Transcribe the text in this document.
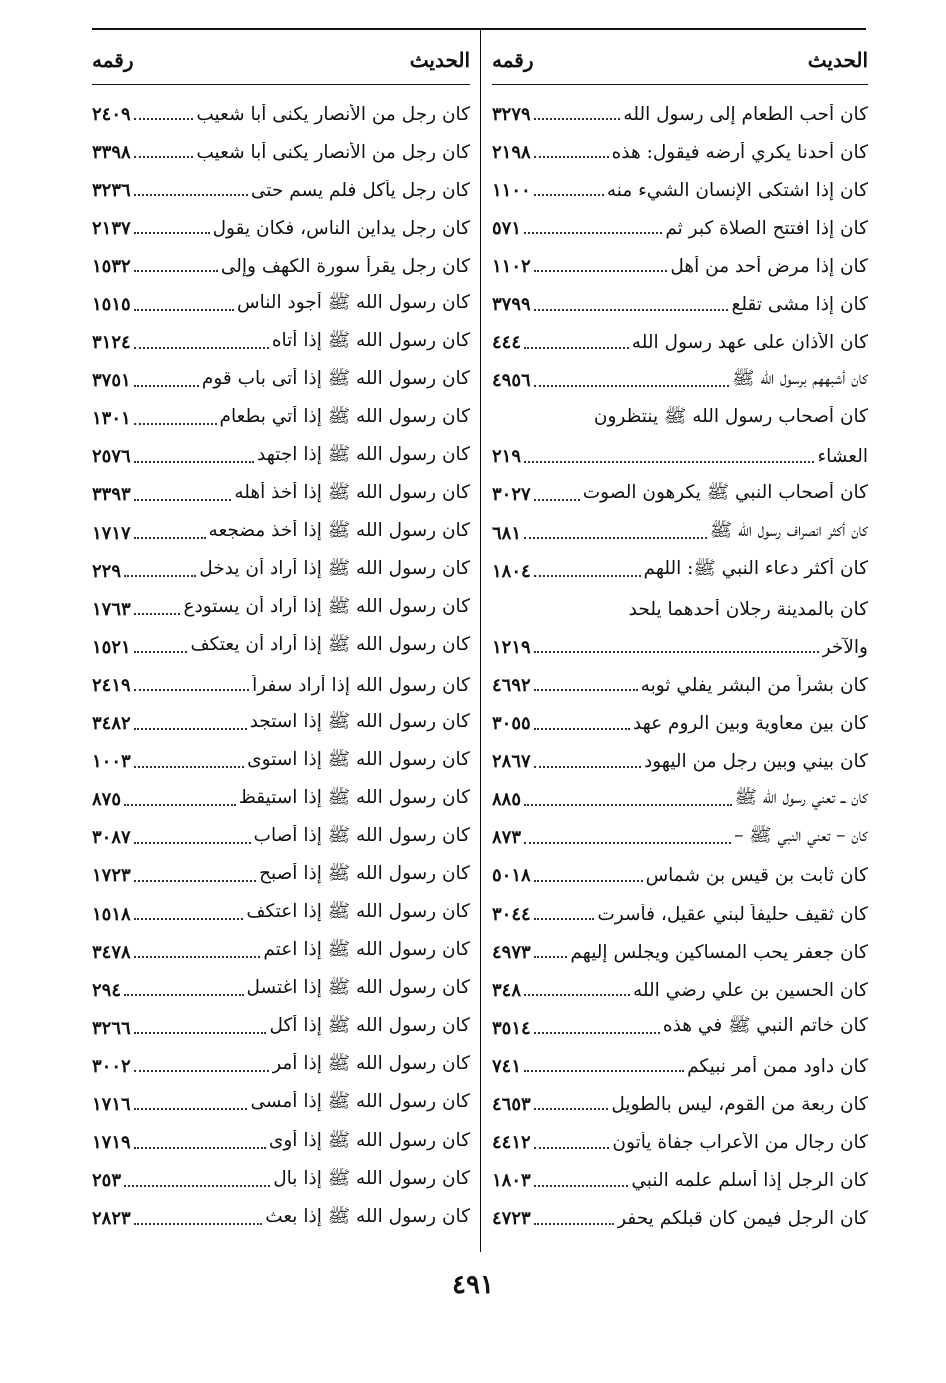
الحديث
رقمه
كان أحب الطعام إلى رسول الله
٣٢٧٩
كان أحدنا يكري أرضه فيقول: هذه
٢١٩٨
كان إذا اشتكى الإنسان الشيء منه
١١٠٠
كان إذا افتتح الصلاة كبر ثم
٥٧١
كان إذا مرض أحد من أهل
١١٠٢
كان إذا مشى تقلع
٣٧٩٩
كان الأذان على عهد رسول الله
٤٤٤
كان أشبههم برسول الله ﷺ
٤٩٥٦
كان أصحاب رسول الله ﷺ ينتظرون
العشاء
٢١٩
كان أصحاب النبي ﷺ يكرهون الصوت
٣٠٢٧
كان أكثر انصراف رسول الله ﷺ
٦٨١
كان أكثر دعاء النبي ﷺ: اللهم
١٨٠٤
كان بالمدينة رجلان أحدهما يلحد
والآخر
١٢١٩
كان بشراً من البشر يفلي ثوبه
٤٦٩٢
كان بين معاوية وبين الروم عهد
٣٠٥٥
كان بيني وبين رجل من اليهود
٢٨٦٧
كان ــ تعني رسول الله ﷺ
٨٨٥
كان – تعني النبي ﷺ –
٨٧٣
كان ثابت بن قيس بن شماس
٥٠١٨
كان ثقيف حليفاً لبني عقيل، فأسرت
٣٠٤٤
كان جعفر يحب المساكين ويجلس إليهم
٤٩٧٣
كان الحسين بن علي رضي الله
٣٤٨
كان خاتم النبي ﷺ في هذه
٣٥١٤
كان داود ممن أمر نبيكم
٧٤١
كان ربعة من القوم، ليس بالطويل
٤٦٥٣
كان رجال من الأعراب جفاة يأتون
٤٤١٢
كان الرجل إذا أسلم علمه النبي
١٨٠٣
كان الرجل فيمن كان قبلكم يحفر
٤٧٢٣
الحديث
رقمه
كان رجل من الأنصار يكنى أبا شعيب
٢٤٠٩
كان رجل من الأنصار يكنى أبا شعيب
٣٣٩٨
كان رجل يأكل فلم يسم حتى
٣٢٣٦
كان رجل يداين الناس، فكان يقول
٢١٣٧
كان رجل يقرأ سورة الكهف وإلى
١٥٣٢
كان رسول الله ﷺ أجود الناس
١٥١٥
كان رسول الله ﷺ إذا أتاه
٣١٢٤
كان رسول الله ﷺ إذا أتى باب قوم
٣٧٥١
كان رسول الله ﷺ إذا أتي بطعام
١٣٠١
كان رسول الله ﷺ إذا اجتهد
٢٥٧٦
كان رسول الله ﷺ إذا أخذ أهله
٣٣٩٣
كان رسول الله ﷺ إذا أخذ مضجعه
١٧١٧
كان رسول الله ﷺ إذا أراد أن يدخل
٢٢٩
كان رسول الله ﷺ إذا أراد أن يستودع
١٧٦٣
كان رسول الله ﷺ إذا أراد أن يعتكف
١٥٢١
كان رسول الله إذا أراد سفراً
٢٤١٩
كان رسول الله ﷺ إذا استجد
٣٤٨٢
كان رسول الله ﷺ إذا استوى
١٠٠٣
كان رسول الله ﷺ إذا استيقظ
٨٧٥
كان رسول الله ﷺ إذا أصاب
٣٠٨٧
كان رسول الله ﷺ إذا أصبح
١٧٢٣
كان رسول الله ﷺ إذا اعتكف
١٥١٨
كان رسول الله ﷺ إذا اعتم
٣٤٧٨
كان رسول الله ﷺ إذا اغتسل
٢٩٤
كان رسول الله ﷺ إذا أكل
٣٢٦٦
كان رسول الله ﷺ إذا أمر
٣٠٠٢
كان رسول الله ﷺ إذا أمسى
١٧١٦
كان رسول الله ﷺ إذا أوى
١٧١٩
كان رسول الله ﷺ إذا بال
٢٥٣
كان رسول الله ﷺ إذا بعث
٢٨٢٣
٤٩١
